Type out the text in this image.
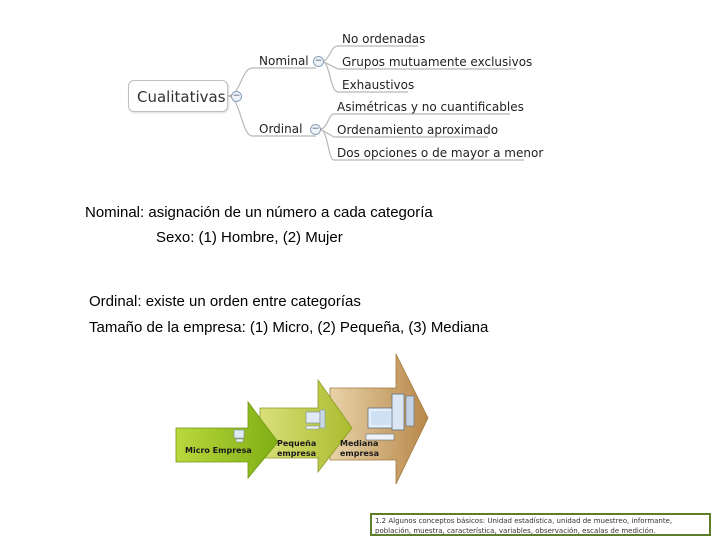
Cualitativas −
Nominal −
Ordinal −
No ordenadas
Grupos mutuamente exclusivos
Exhaustivos
Asimétricas y no cuantificables
Ordenamiento aproximado
Dos opciones o de mayor a menor
Nominal: asignación de un número a cada categoría
Sexo: (1) Hombre, (2) Mujer
Ordinal: existe un orden entre categorías
Tamaño de la empresa: (1) Micro, (2) Pequeña, (3) Mediana
Micro Empresa
Pequeña
empresa
Mediana
empresa
1.2 Algunos conceptos básicos: Unidad estadística, unidad de muestreo, informante, población, muestra, característica, variables, observación, escalas de medición.
